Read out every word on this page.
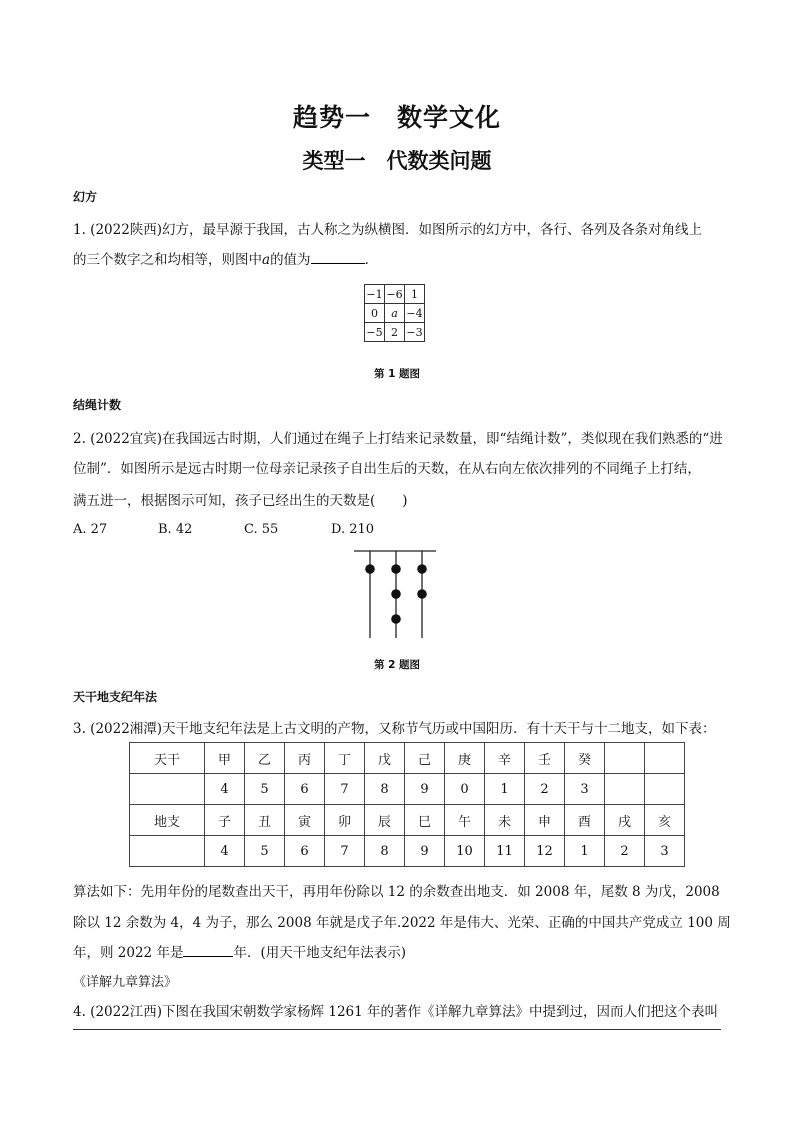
趋势一　数学文化
类型一　代数类问题
幻方
1. (2022陕西)幻方，最早源于我国，古人称之为纵横图．如图所示的幻方中，各行、各列及各条对角线上
的三个数字之和均相等，则图中a的值为	．
−1	−6	1
0	a	−4
−5	2	−3
第 1 题图
结绳计数
2. (2022宜宾)在我国远古时期，人们通过在绳子上打结来记录数量，即“结绳计数”，类似现在我们熟悉的“进
位制”．如图所示是远古时期一位母亲记录孩子自出生后的天数，在从右向左依次排列的不同绳子上打结，
满五进一，根据图示可知，孩子已经出生的天数是(　　)
A. 27	B. 42	C. 55	D. 210
第 2 题图
天干地支纪年法
3. (2022湘潭)天干地支纪年法是上古文明的产物，又称节气历或中国阳历．有十天干与十二地支，如下表：
天干	甲	乙	丙	丁	戊	己	庚	辛	壬	癸		
	4	5	6	7	8	9	0	1	2	3		
地支	子	丑	寅	卯	辰	巳	午	未	申	酉	戌	亥
	4	5	6	7	8	9	10	11	12	1	2	3
算法如下：先用年份的尾数查出天干，再用年份除以 12 的余数查出地支．如 2008 年，尾数 8 为戊，2008
除以 12 余数为 4，4 为子，那么 2008 年就是戊子年.2022 年是伟大、光荣、正确的中国共产党成立 100 周
年，则 2022 年是	年．(用天干地支纪年法表示)
《详解九章算法》
4. (2022江西)下图在我国宋朝数学家杨辉 1261 年的著作《详解九章算法》中提到过，因而人们把这个表叫
